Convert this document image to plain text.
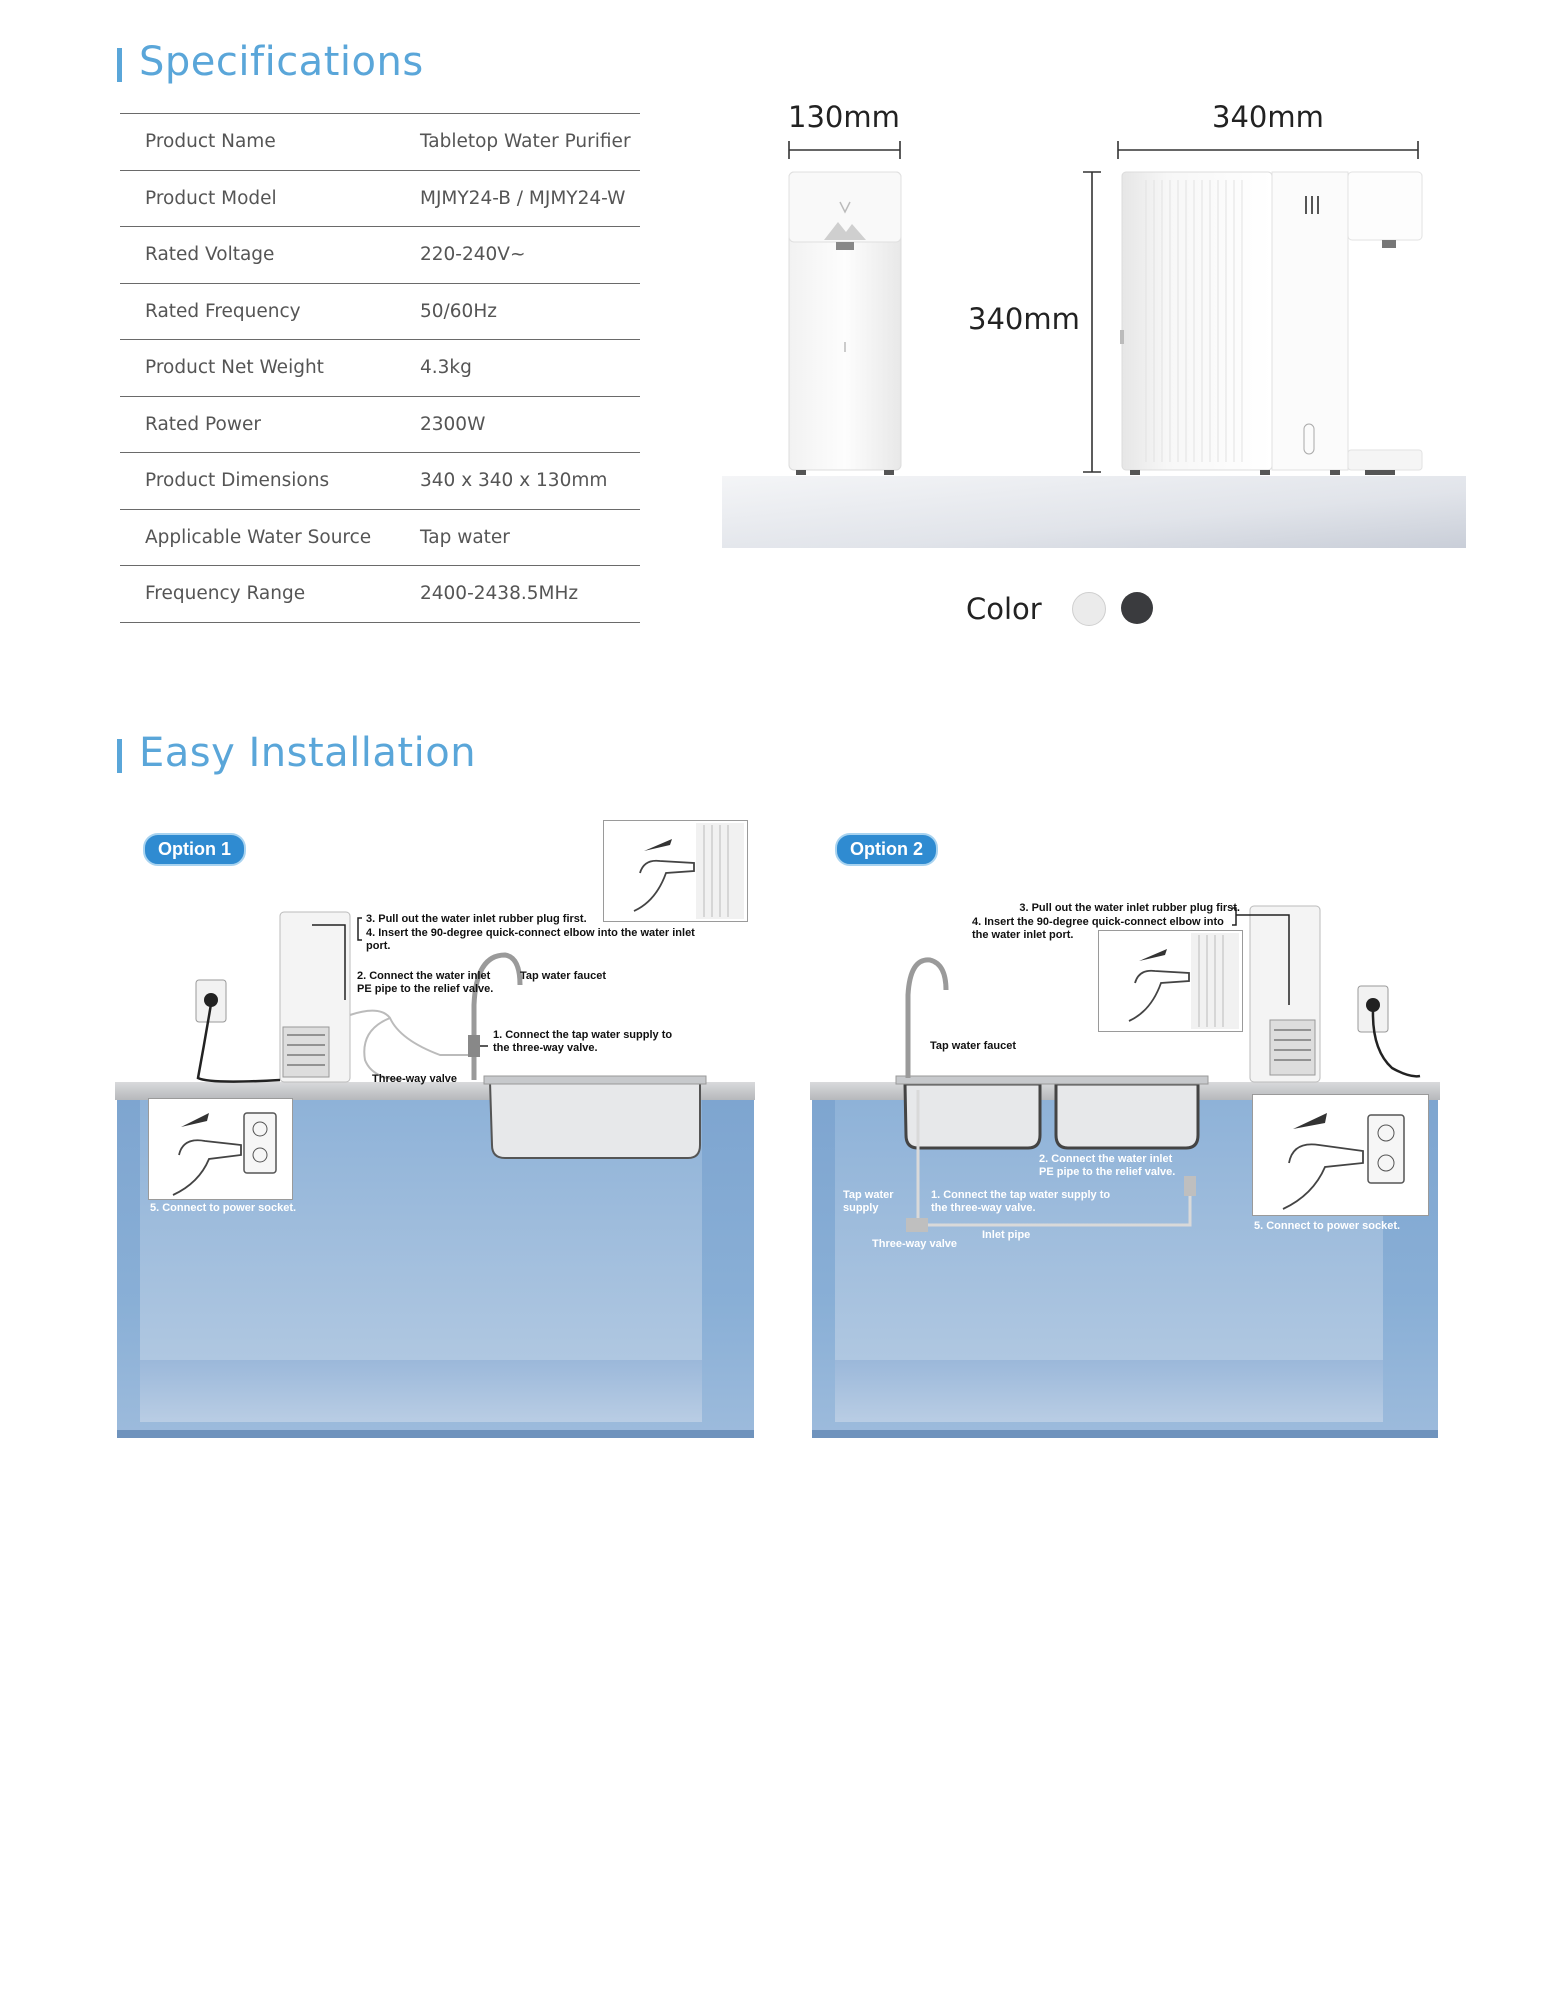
Specifications
Product Name	Tabletop Water Purifier
Product Model	MJMY24-B / MJMY24-W
Rated Voltage	220-240V~
Rated Frequency	50/60Hz
Product Net Weight	4.3kg
Rated Power	2300W
Product Dimensions	340 x 340 x 130mm
Applicable Water Source	Tap water
Frequency Range	2400-2438.5MHz
130mm	340mm
340mm
Color
Easy Installation
Option 1
3. Pull out the water inlet rubber plug first.
4. Insert the 90-degree quick-connect elbow into the water inlet port.
2. Connect the water inlet PE pipe to the relief valve.
Tap water faucet
1. Connect the tap water supply to the three-way valve.
Three-way valve
5. Connect to power socket.
Option 2
3. Pull out the water inlet rubber plug first.
4. Insert the 90-degree quick-connect elbow into the water inlet port.
Tap water faucet
2. Connect the water inlet PE pipe to the relief valve.
Tap water supply
1. Connect the tap water supply to the three-way valve.
Inlet pipe
Three-way valve
5. Connect to power socket.
